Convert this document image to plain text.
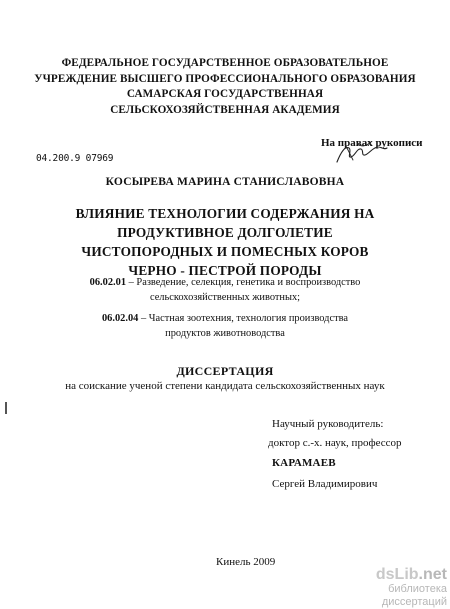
ФЕДЕРАЛЬНОЕ ГОСУДАРСТВЕННОЕ ОБРАЗОВАТЕЛЬНОЕ
УЧРЕЖДЕНИЕ ВЫСШЕГО ПРОФЕССИОНАЛЬНОГО ОБРАЗОВАНИЯ
САМАРСКАЯ ГОСУДАРСТВЕННАЯ
СЕЛЬСКОХОЗЯЙСТВЕННАЯ АКАДЕМИЯ
На правах рукописи
04.200.9 07969
КОСЫРЕВА МАРИНА СТАНИСЛАВОВНА
ВЛИЯНИЕ ТЕХНОЛОГИИ СОДЕРЖАНИЯ НА
ПРОДУКТИВНОЕ ДОЛГОЛЕТИЕ
ЧИСТОПОРОДНЫХ И ПОМЕСНЫХ КОРОВ
ЧЕРНО - ПЕСТРОЙ ПОРОДЫ
06.02.01 – Разведение, селекция, генетика и воспроизводство
сельскохозяйственных животных;
06.02.04 – Частная зоотехния, технология производства
продуктов животноводства
ДИССЕРТАЦИЯ
на соискание ученой степени кандидата сельскохозяйственных наук
Научный руководитель:
доктор с.-х. наук, профессор
КАРАМАЕВ
Сергей Владимирович
Кинель 2009
dsLib.net
библиотека диссертаций
